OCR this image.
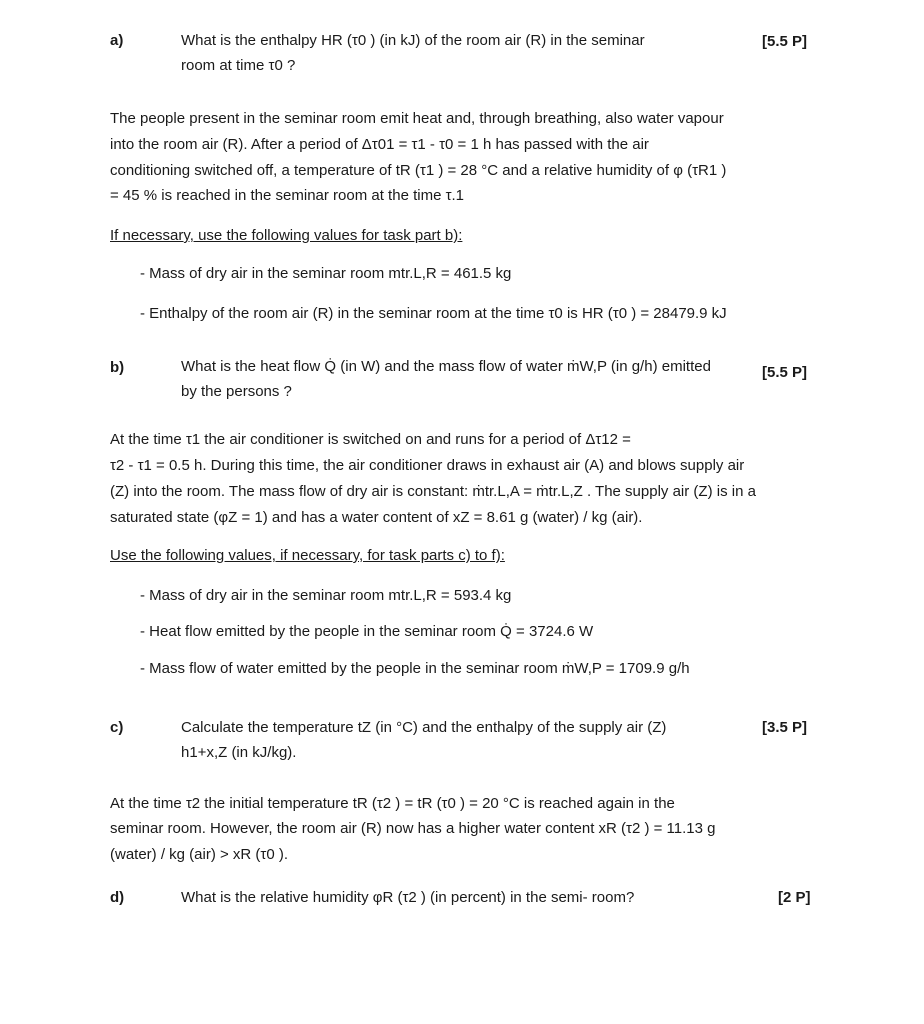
a)	What is the enthalpy HR (τ0 ) (in kJ) of the room air (R) in the seminar
room at time τ0 ?
[5.5 P]
The people present in the seminar room emit heat and, through breathing, also water vapour
into the room air (R). After a period of Δτ01 = τ1 - τ0 = 1 h has passed with the air
conditioning switched off, a temperature of tR (τ1 ) = 28 °C and a relative humidity of φ (τR1 )
= 45 % is reached in the seminar room at the time τ.1
If necessary, use the following values for task part b):
- Mass of dry air in the seminar room mtr.L,R = 461.5 kg
- Enthalpy of the room air (R) in the seminar room at the time τ0 is HR (τ0 ) = 28479.9 kJ
b)	What is the heat flow Q̇ (in W) and the mass flow of water ṁW,P (in g/h) emitted
by the persons ?
[5.5 P]
At the time τ1 the air conditioner is switched on and runs for a period of Δτ12 =
τ2 - τ1 = 0.5 h. During this time, the air conditioner draws in exhaust air (A) and blows supply air
(Z) into the room. The mass flow of dry air is constant: ṁtr.L,A = ṁtr.L,Z . The supply air (Z) is in a
saturated state (φZ = 1) and has a water content of xZ = 8.61 g (water) / kg (air).
Use the following values, if necessary, for task parts c) to f):
- Mass of dry air in the seminar room mtr.L,R = 593.4 kg
- Heat flow emitted by the people in the seminar room Q̇ = 3724.6 W
- Mass flow of water emitted by the people in the seminar room ṁW,P = 1709.9 g/h
c)	Calculate the temperature tZ (in °C) and the enthalpy of the supply air (Z)
h1+x,Z (in kJ/kg).
[3.5 P]
At the time τ2 the initial temperature tR (τ2 ) = tR (τ0 ) = 20 °C is reached again in the
seminar room. However, the room air (R) now has a higher water content xR (τ2 ) = 11.13 g
(water) / kg (air) > xR (τ0 ).
d)	What is the relative humidity φR (τ2 ) (in percent) in the semi- room?	[2 P]
